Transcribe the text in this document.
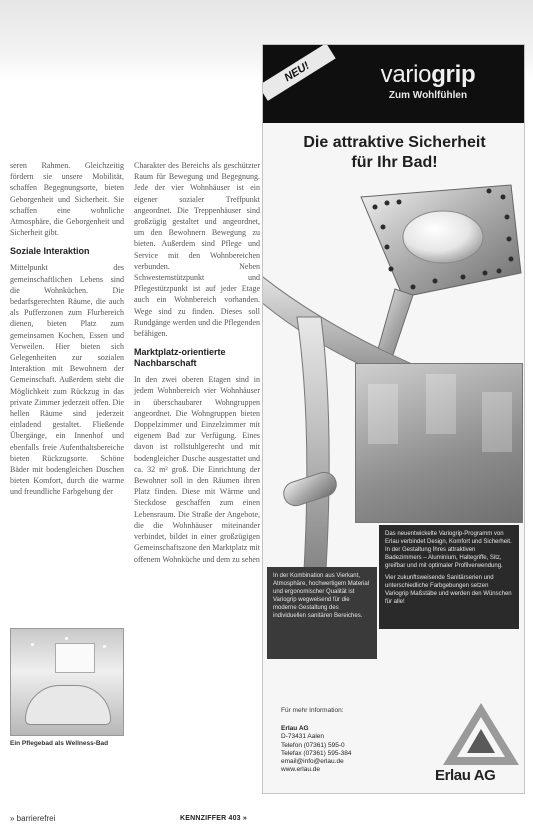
seren Rahmen. Gleichzeitig fördern sie unsere Mobilität, schaffen Begegnungsorte, bieten Geborgenheit und Sicherheit. Sie schaffen eine wohnliche Atmosphäre, die Geborgenheit und Sicherheit gibt.
Soziale Interaktion
Mittelpunkt des gemeinschaftlichen Lebens sind die Wohnküchen. Die bedarfsgerechten Räume, die auch als Pufferzonen zum Flurbereich dienen, bieten Platz zum gemeinsamen Kochen, Essen und Verweilen. Hier bieten sich Gelegenheiten zur sozialen Interaktion mit Bewohnern der Gemeinschaft. Außerdem steht die Möglichkeit zum Rückzug in das private Zimmer jederzeit offen. Die hellen Räume sind jederzeit einladend gestaltet. Fließende Übergänge, ein Innenhof und ebenfalls freie Aufenthaltsbereiche bieten Rückzugsorte. Schöne Bäder mit bodengleichen Duschen bieten Komfort, durch die warme und freundliche Farbgebung der
Charakter des Bereichs als geschützter Raum für Bewegung und Begegnung. Jede der vier Wohnhäuser ist ein eigener sozialer Treffpunkt angeordnet. Die Treppenhäuser sind großzügig gestaltet und angeordnet, um den Bewohnern Bewegung zu bieten. Außerdem sind Pflege und Service mit den Wohnbereichen verbunden. Neben Schwesternstützpunkt und Pflegestützpunkt ist auf jeder Etage auch ein Wohnbereich vorhanden. Wege sind zu finden. Dieses soll Rundgänge werden und die Pflegenden befähigen.
Marktplatz-orientierte Nachbarschaft
In den zwei oberen Etagen sind in jedem Wohnbereich vier Wohnhäuser in überschaubarer Wohngruppen angeordnet. Die Wohngruppen bieten Doppelzimmer und Einzelzimmer mit eigenem Bad zur Verfügung. Eines davon ist rollstuhlgerecht und mit bodengleicher Dusche ausgestattet und ca. 32 m² groß. Die Einrichtung der Bewohner soll in den Räumen ihren Platz finden. Diese mit Wärme und Steckdose geschaffen zum einen Lebensraum. Die Straße der Angebote, die die Wohnhäuser miteinander verbindet, bildet in einer großzügigen Gemeinschaftszone den Marktplatz mit offenem Wohnküche und dem zu sehen
Ein Pflegebad als Wellness-Bad
» barrierefrei	KENNZIFFER 403 »
NEU!	variogrip
Zum Wohlfühlen
Die attraktive Sicherheit
für Ihr Bad!

Das neuentwickelte Variogrip-Programm von Erlau verbindet Design, Komfort und Sicherheit. In der Gestaltung Ihres attraktiven Badezimmers – Aluminium, Haltegriffe, Sitz, greifbar und mit optimaler Profilverwendung.

Vier zukunftsweisende Sanitärserien und unterschiedliche Farbgebungen setzen Variogrip Maßstäbe und werden den Wünschen für alle!

In der Kombination aus Vierkant, Atmosphäre, hochwertigem Material und ergonomischer Qualität ist Variogrip wegweisend für die moderne Gestaltung des individuellen sanitären Bereiches.
Für mehr Information:
Erlau AG
D-73431 Aalen
Telefon (07361) 595-0
Telefax (07361) 595-384
email@info@erlau.de
www.erlau.de	Erlau AG
